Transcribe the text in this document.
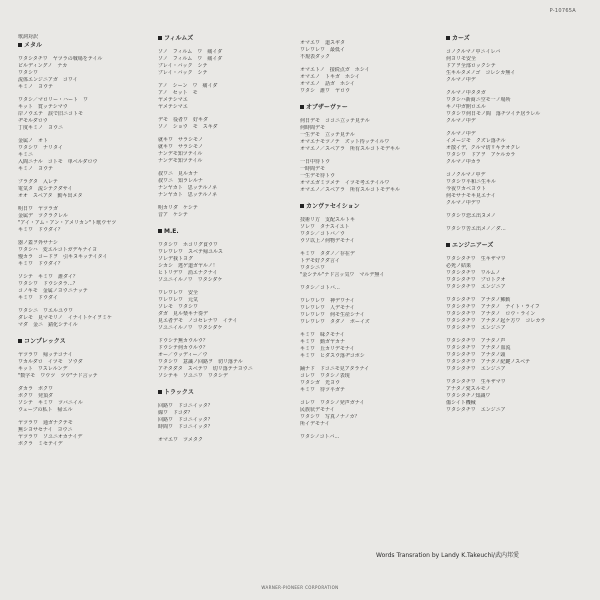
P-10765A
歌詞対訳
メタル
ワタシタチワ　ヤツラの戦場をテイル
ビルディングノ　ナカ
ワタシワ
流体エンジニアガ　コワイ
キミノ　ヨウテ
ワタシ／マロリー・ハート　ワ
キット　賞ッテシマウ
岸ノウエテ　涙で旧ニコトモ
ヂモルダロウ
丁度キミノ　ヨウニ
金属ノ　オト
ワタシワ　ナリタイ
キミニ
入間ニナル　コトモ　単ベルダロウ
キミノ　ヨウテ
プラグタ　入レテ
電気タ　流シテクダサイ
オオ　スペアタ　動キ出メタ
明日ワ　ヤツラガ
金属デ　ツクラクレル
"アイ・アム・アン・アメリカン"ト歌ウヤツ
キミワ　ドウダイ？
器ノ蓋ヲ外サナシ
ワタシハ　変エルコトガデキナイヨ
慢カラ　コードヲ　引キヌキッテイタイ
キミワ　ドウダイ？
ソシテ　キミワ　誰ダイ？
ワタシワ　ドウシタラ…？
コノキモ　金属ノヨウニナッテ
キミワ　ドウダイ
ワタシニ　ワエルユウワ
ダレモ　見マモリノ　イナイトケイヲミケ
マダ　金ニ　錆化シテイル
コンプレックス
ヤツラワ　帰ッテコナイ
ワカルダロ　イツモ　ソウダ
キット　ワスレルンデ
"数字モ　ワウツ　ツウ"ナド言ッテ
ダカラ　ボクワ
ボクワ　発頂ダ
ソシテ　キミワ　ツバニイル
ウェーブの私ト　帰エル
ヤツラワ　通ガナクテモ
無シヨサセナイ　ヨウニ
ヤツラワ　ソユニオカナイデ
ボクラ　ミセテイデ
フィルムズ
ソノ　フィルム　ワ　痛イダ
ソノ　フィルム　ワ　痛イダ
プレイ・バック　シテ
プレイ・バック　シテ
アノ　シーン　ワ　痛イダ
アノ　セット　モ
ヤメテシマエ
ヤメテシマエ
デモ　役者ワ　好キダ
ソノ　ショウ　モ　スキダ
就キワ　サラシモノ
就キワ　サラシモノ
ナンデモ知ツテイル
ナンデモ知ツテイル
叔ワニ　見ルカナ
叔ワニ　知ラレルナ
ナンヤカト　思ッテルノネ
ナンヤカト　思ッテルノネ
明カリダ　ケシテ
音ア　ケシテ
M.E.
ワタシワ　ホコリグ食ウワ
ワレワレワ　スベテ帰ユルス
ソレデ我トヨグ
シカシ　逃ゲ道ガヤルノ！
ヒトリデワ　消エナクナイ
ソユニイルノワ　ワタシダケ
ワレワレワ　安全
ワレワレワ　元気
ソレモ　ワタシワ
ダガ　見ル楽キナ奏デ
見エ者デモ　ノコセレナワ　イテイ
ソユニイルノワ　ワタシダケ
ドウシテ無カウルウ？
ドウシテ何カウルウ？
オー／ウッディー／ウ
ワタシワ　意識ノ回路ヲ　切リ落テル
アチタダタ　スベテワ　切リ落テナヨウニ
ソシテキ　ソユニワ　ワタシデ
トラックス
回路ワ　ドコニイッタ？
線ワ　ドコダ？
回路ワ　ドコニイッタ？
時間ワ　ドコニイッタ？
オマエワ　ツメタク
オマエワ　道スギタ
ワレワレワ　最低イ
不規表ダック
オマエトノ　接続点ガ　ホシイ
オマエノ　トキガ　ホシイ
オマエノ　話ガ　ホシイ
ワタシ　誰ワ　ヤロウ
オブザーヴァー
何日デモ　ココニ立ッテ見テル
何時間デモ
一生デモ　立ッテ見テル
オマエナモツノテ　ズット待ッテイルワ
オマエノ／スペアラ　所有スルコトモデキル
一日中待トウ
一時間デモ
一生デモ待トウ
オマエガミツメテ　イツモ考エテイルワ
オマエノ／スペアラ　所有スルコトモデキル
カンヴァセイション
技術リ方　支配スルトキ
ソレワ　タナスイユト
ワタシ／コトバ／ウ
ウソ以上ノ何物デモナイ
キミワ　タダノ／存在デ
トデモ好クダ言イ
ワタシニワ
"金シテル"ナド言ッ気ワ　マルデ無イ
ワタシ／コトバ…
ワレワレワ　神デワナイ
ワレワレワ　人デモナイ
ワレワレワ　何モ生産シナイ
ワレワレワ　タダノ　ボーイズ
キミワ　味クモナイ
キミワ　動ガヤカナ
キミワ　丘カリデモナイ
キミワ　ヒダスウ落ヂコポシ
踊ナド　ドコニモ見アタラナイ
コレワ　ワタシノ表現
ワタシガ　光ヨウ
キミワ　待ツ平ガテ
コレワ　ワタシノ発声ガナイ
民族状デモナイ
ワタシワ　写真ノナノカ？
所イデモナイ
ワタシノコトバ…
カーズ
コノクルマノ中ニイレバ
何ヨリモ安全
ドアヲ全部ロックシテ
生キルタメノゴ　コレシカ無イ
クルマノ中デ
クルマノ中タタガ
ワタシハ新商ニ空モ一ノ場所
キノ中ガ開ロエル
ワタシワ何日モノ間　落チツイテ居ラレル
クルマノ中デ
クルマノ中デ
イメージモ　クズレ落チル
オ散イデ、クルマ切リキテオクレ
ワタシワ　ドアヲ　アケルカラ
クルマノ中カラ
コノクルマノ中デ
ワタシワ平和ニ生キル
今夜ワカベヨウト
何モサナモキ見エナイ
クルマノ中デワ
ワタシワ恋エ出ヌメノ
ワタシワ苦エ出メノ／ダ…
エンジニアーズ
ワタシタチワ　生キザマワ
必死ノ結果
ワタシタチワ　ワルムノ
ワタシタチワ　プロトクオ
ワタシタチワ　エンジニア
ワタシタチワ　アナタノ郵動
ワタシタチワ　アナタノ　ナイト・ライフ
ワタシタチワ　アナタノ　ロウ・ライン
ワタシタチワ　アナタノ起ケ方ワ　コレカラ
ワタシタチワ　エンジニア
ワタシタチワ　アナタノ声
ワタシタチワ　アナタノ血流
ワタシタチワ　アナタノ頭
ワタシタチワ　アナタノ紀鍵ノスベテ
ワタシタチワ　エンジニア
ワタシタチワ　生キザマワ
アナタノ愛スルモノ
ワタシタチノ知識ワ
傷シイト機械
ワタシタチワ　エンジニア
Words Transration by Landy K.Takeuchi/武内邦愛
WARNER-PIONEER CORPORATION
